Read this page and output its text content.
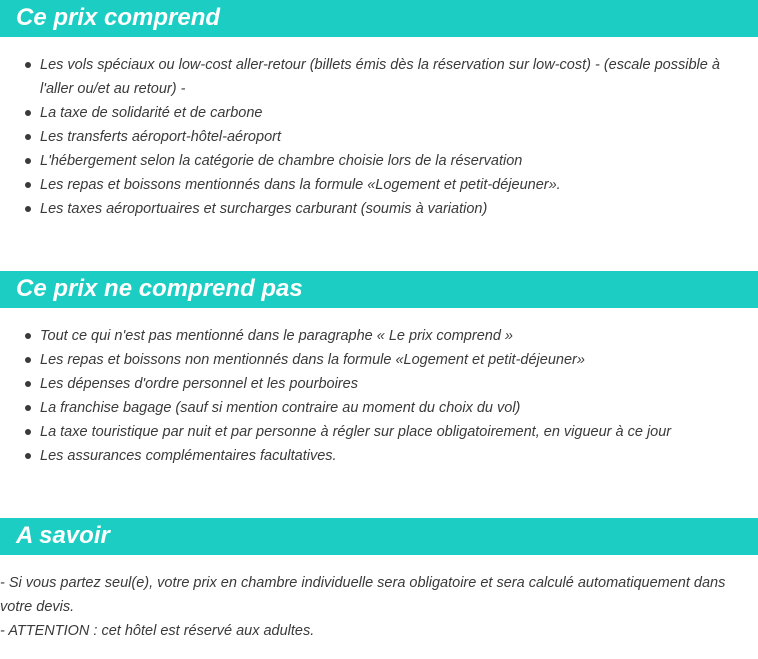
Ce prix comprend
Les vols spéciaux ou low-cost aller-retour (billets émis dès la réservation sur low-cost) - (escale possible à l'aller ou/et au retour) -
La taxe de solidarité et de carbone
Les transferts aéroport-hôtel-aéroport
L'hébergement selon la catégorie de chambre choisie lors de la réservation
Les repas et boissons mentionnés dans la formule «Logement et petit-déjeuner».
Les taxes aéroportuaires et surcharges carburant (soumis à variation)
Ce prix ne comprend pas
Tout ce qui n'est pas mentionné dans le paragraphe « Le prix comprend »
Les repas et boissons non mentionnés dans la formule «Logement et petit-déjeuner»
Les dépenses d'ordre personnel et les pourboires
La franchise bagage (sauf si mention contraire au moment du choix du vol)
La taxe touristique par nuit et par personne à régler sur place obligatoirement, en vigueur à ce jour
Les assurances complémentaires facultatives.
A savoir

- Si vous partez seul(e), votre prix en chambre individuelle sera obligatoire et sera calculé automatiquement dans votre devis.

- ATTENTION : cet hôtel est réservé aux adultes.
